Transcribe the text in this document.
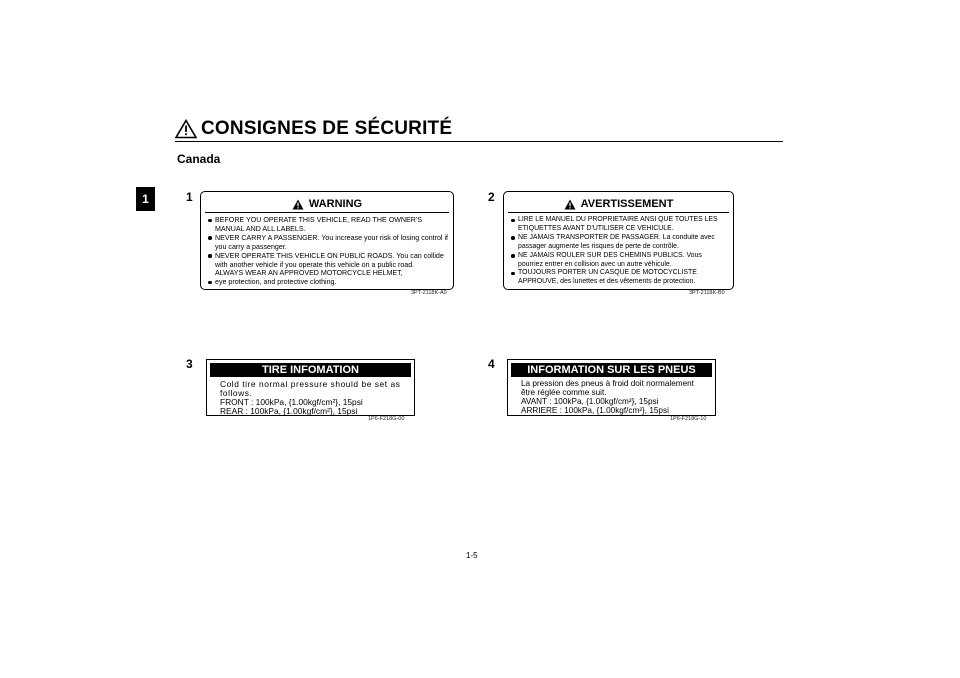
CONSIGNES DE SÉCURITÉ
Canada
1	1	WARNING
BEFORE YOU OPERATE THIS VEHICLE, READ THE OWNER'S MANUAL AND ALL LABELS.
NEVER CARRY A PASSENGER. You increase your risk of losing control if you carry a passenger.
NEVER OPERATE THIS VEHICLE ON PUBLIC ROADS. You can collide with another vehicle if you operate this vehicle on a public road.
ALWAYS WEAR AN APPROVED MOTORCYCLE HELMET,
eye protection, and protective clothing.
3PT-2118K-A0
2	AVERTISSEMENT
LIRE LE MANUEL DU PROPRIETAIRE ANSI QUE TOUTES LES ETIQUETTES AVANT D'UTILISER CE VEHICULE.
NE JAMAIS TRANSPORTER DE PASSAGER. La conduite avec passager augmente les risques de perte de contrôle.
NE JAMAIS ROULER SUR DES CHEMINS PUBLICS. Vous pourriez entrer en collision avec un autre véhicule.
TOUJOURS PORTER UN CASQUE DE MOTOCYCLISTE APPROUVE, des lunettes et des vêtements de protection.
3PT-2118K-B0
3	TIRE INFOMATION
Cold tire normal pressure should be set as
follows.
FRONT : 100kPa, {1.00kgf/cm²}, 15psi
REAR : 100kPa, {1.00kgf/cm²}, 15psi
1P6-F218G-00
4	INFORMATION SUR LES PNEUS
La pression des pneus à froid doit normalement
être réglée comme suit.
AVANT : 100kPa, {1.00kgf/cm²}, 15psi
ARRIERE : 100kPa, {1.00kgf/cm²}, 15psi
1P6-F218G-10
1-5
